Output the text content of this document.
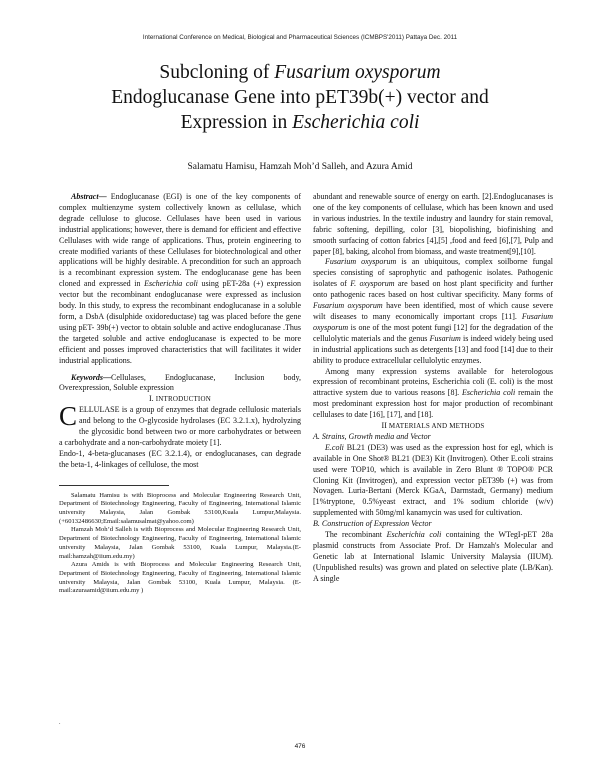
International Conference on Medical, Biological and Pharmaceutical Sciences (ICMBPS'2011) Pattaya Dec. 2011
Subcloning of Fusarium oxysporum
Endoglucanase Gene into pET39b(+) vector and
Expression in Escherichia coli
Salamatu Hamisu, Hamzah Moh’d Salleh, and Azura Amid

Abstract— Endoglucanase (EGI) is one of the key components of complex multienzyme system collectively known as cellulase, which degrade cellulose to glucose. Cellulases have been used in various industrial applications; however, there is demand for efficient and effective Cellulases with wide range of applications. Thus, protein engineering to create modified variants of these Cellulases for biotechnological and other applications will be highly desirable. A precondition for such an approach is a recombinant expression system. The endoglucanase gene has been cloned and expressed in Escherichia coli using pET-28a (+) expression vector but the recombinant endoglucanase were expressed as inclusion body. In this study, to express the recombinant endoglucanase in a soluble form, a DsbA (disulphide oxidoreductase) tag was placed before the gene using pET- 39b(+) vector to obtain soluble and active endoglucanase .Thus the targeted soluble and active endoglucanase is expected to be more efficient and posses improved characteristics that will facilitates it wider industrial applications.

Keywords—Cellulases, Endoglucanase, Inclusion body, Overexpression, Soluble expression

I. INTRODUCTION

CELLULASE is a group of enzymes that degrade cellulosic materials and belong to the O-glycoside hydrolases (EC 3.2.1.x), hydrolyzing the glycosidic bond between two or more carbohydrates or between a carbohydrate and a non-carbohydrate moiety [1].

Endo-1, 4-beta-glucanases (EC 3.2.1.4), or endoglucanases, can degrade the beta-1, 4-linkages of cellulose, the most

Salamatu Hamisu is with Bioprocess and Molecular Engineering Research Unit, Department of Biotechnology Engineering, Faculty of Engineering, International Islamic university Malaysia, Jalan Gombak 53100,Kuala Lumpur,Malaysia.(+60132486630;Email:salamusalmat@yahoo.com)

Hamzah Moh’d Salleh is with Bioprocess and Molecular Engineering Research Unit, Department of Biotechnology Engineering, Faculty of Engineering, International Islamic university Malaysia, Jalan Gombak 53100, Kuala Lumpur, Malaysia.(E- mail:hamzah@iium.edu.my)

Azura Amids is with Bioprocess and Molecular Engineering Research Unit, Department of Biotechnology Engineering, Faculty of Engineering, International Islamic university Malaysia, Jalan Gombak 53100, Kuala Lumpur, Malaysia. (E-mail:azuraamid@iium.edu.my )

abundant and renewable source of energy on earth. [2].Endoglucanases is one of the key components of cellulase, which has been known and used in various industries. In the textile industry and laundry for stain removal, fabric softening, depilling, color [3], biopolishing, biofinishing and smooth surfacing of cotton fabrics [4],[5] ,food and feed [6],[7], Pulp and paper [8], baking, alcohol from biomass, and waste treatment[9],[10].

Fusarium oxysporum is an ubiquitous, complex soilborne fungal species consisting of saprophytic and pathogenic isolates. Pathogenic isolates of F. oxysporum are based on host plant specificity and further onto pathogenic races based on host cultivar specificity. Many forms of Fusarium oxysporum have been identified, most of which cause severe wilt diseases to many economically important crops [11]. Fusarium oxysporum is one of the most potent fungi [12] for the degradation of the cellulolytic materials and the genus Fusarium is indeed widely being used in industrial applications such as detergents [13] and food [14] due to their ability to produce extracellular cellulolytic enzymes.

Among many expression systems available for heterologous expression of recombinant proteins, Escherichia coli (E. coli) is the most attractive system due to various reasons [8]. Escherichia coli remain the most predominant expression host for major production of recombinant cellulases to date [16], [17], and [18].

II MATERIALS AND METHODS

A. Strains, Growth media and Vector

E.coli BL21 (DE3) was used as the expression host for egl, which is available in One Shot® BL21 (DE3) Kit (Invitrogen). Other E.coli strains used were TOP10, which is available in Zero Blunt ® TOPO® PCR Cloning Kit (Invitrogen), and expression vector pET39b (+) was from Novagen. Luria-Bertani (Merck KGaA, Darmstadt, Germany) medium [1%tryptone, 0.5%yeast extract, and 1% sodium chloride (w/v) supplemented with 50mg/ml kanamycin was used for cultivation.

B. Construction of Expression Vector

The recombinant Escherichia coli containing the WTegI-pET 28a plasmid constructs from Associate Prof. Dr Hamzah's Molecular and Genetic lab at International Islamic University Malaysia (IIUM). (Unpublished results) was grown and plated on selective plate (LB/Kan). A single

.
476
